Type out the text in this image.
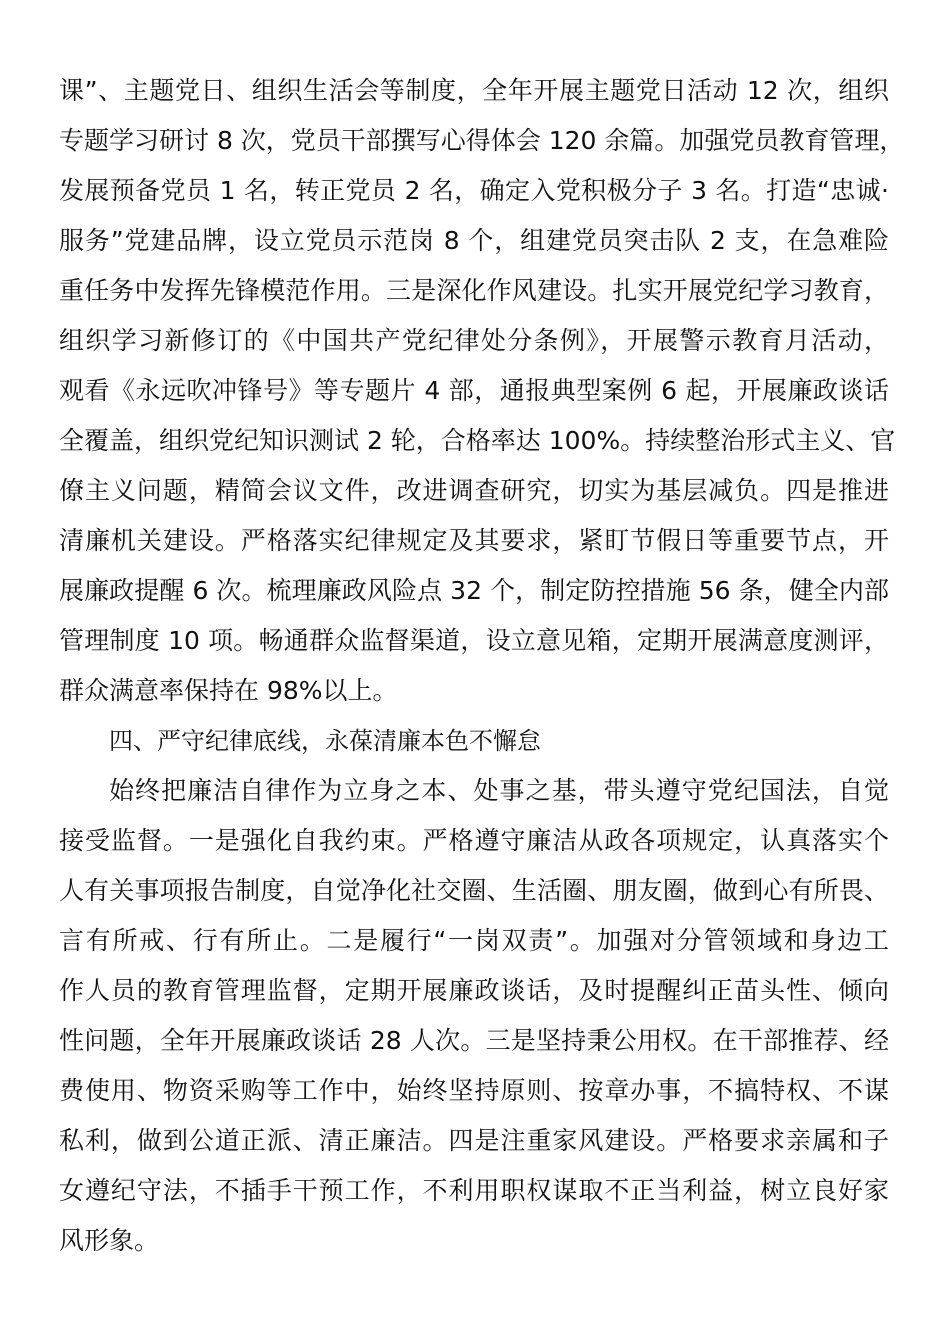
课”、主题党日、组织生活会等制度，全年开展主题党日活动 12 次，组织
专题学习研讨 8 次，党员干部撰写心得体会 120 余篇。加强党员教育管理，
发展预备党员 1 名，转正党员 2 名，确定入党积极分子 3 名。打造“忠诚·
服务”党建品牌，设立党员示范岗 8 个，组建党员突击队 2 支，在急难险
重任务中发挥先锋模范作用。三是深化作风建设。扎实开展党纪学习教育，
组织学习新修订的《中国共产党纪律处分条例》，开展警示教育月活动，
观看《永远吹冲锋号》等专题片 4 部，通报典型案例 6 起，开展廉政谈话
全覆盖，组织党纪知识测试 2 轮，合格率达 100%。持续整治形式主义、官
僚主义问题，精简会议文件，改进调查研究，切实为基层减负。四是推进
清廉机关建设。严格落实纪律规定及其要求，紧盯节假日等重要节点，开
展廉政提醒 6 次。梳理廉政风险点 32 个，制定防控措施 56 条，健全内部
管理制度 10 项。畅通群众监督渠道，设立意见箱，定期开展满意度测评，
群众满意率保持在 98%以上。
四、严守纪律底线，永葆清廉本色不懈怠
始终把廉洁自律作为立身之本、处事之基，带头遵守党纪国法，自觉
接受监督。一是强化自我约束。严格遵守廉洁从政各项规定，认真落实个
人有关事项报告制度，自觉净化社交圈、生活圈、朋友圈，做到心有所畏、
言有所戒、行有所止。二是履行“一岗双责”。加强对分管领域和身边工
作人员的教育管理监督，定期开展廉政谈话，及时提醒纠正苗头性、倾向
性问题，全年开展廉政谈话 28 人次。三是坚持秉公用权。在干部推荐、经
费使用、物资采购等工作中，始终坚持原则、按章办事，不搞特权、不谋
私利，做到公道正派、清正廉洁。四是注重家风建设。严格要求亲属和子
女遵纪守法，不插手干预工作，不利用职权谋取不正当利益，树立良好家
风形象。
